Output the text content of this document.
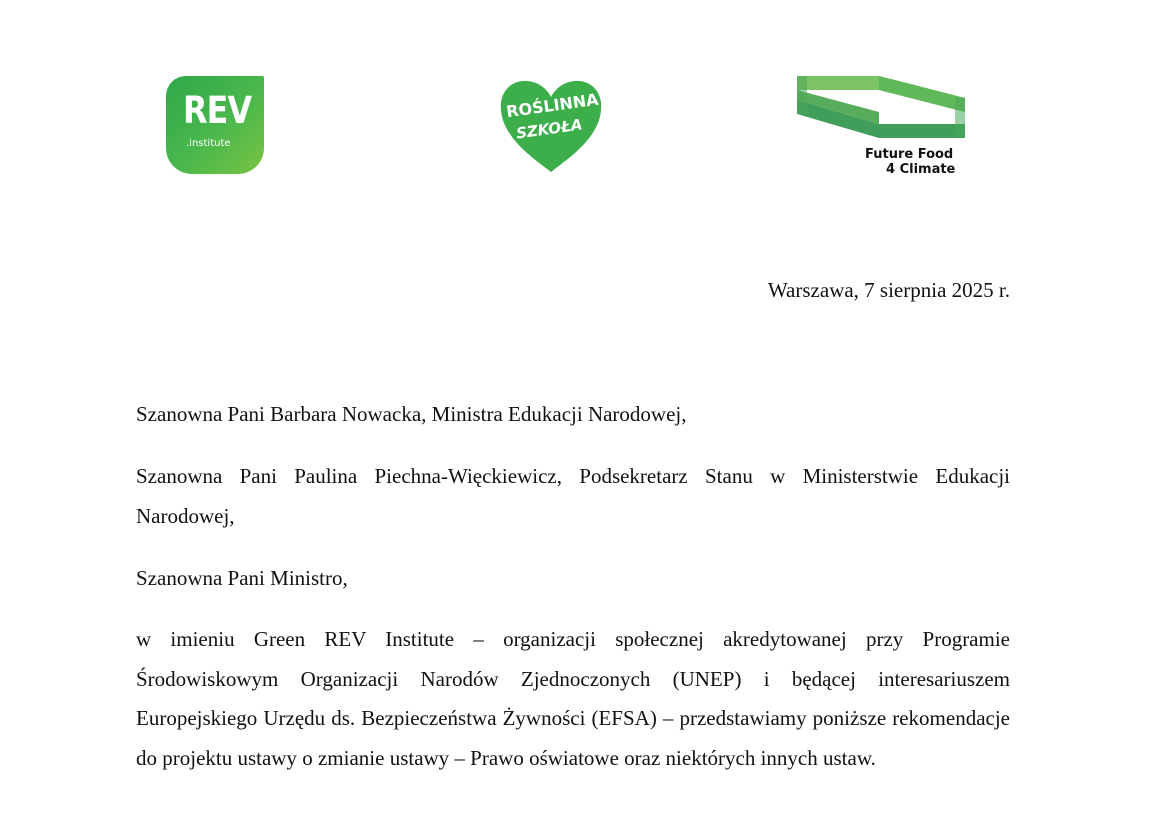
REV
.institute
ROŚLINNA
SZKOŁA
Future Food
4 Climate
Warszawa, 7 sierpnia 2025 r.

Szanowna Pani Barbara Nowacka, Ministra Edukacji Narodowej,

Szanowna Pani Paulina Piechna-Więckiewicz, Podsekretarz Stanu w Ministerstwie Edukacji Narodowej,

Szanowna Pani Ministro,

w imieniu Green REV Institute – organizacji społecznej akredytowanej przy Programie Środowiskowym Organizacji Narodów Zjednoczonych (UNEP) i będącej interesariuszem Europejskiego Urzędu ds. Bezpieczeństwa Żywności (EFSA) – przedstawiamy poniższe rekomendacje do projektu ustawy o zmianie ustawy – Prawo oświatowe oraz niektórych innych ustaw.
